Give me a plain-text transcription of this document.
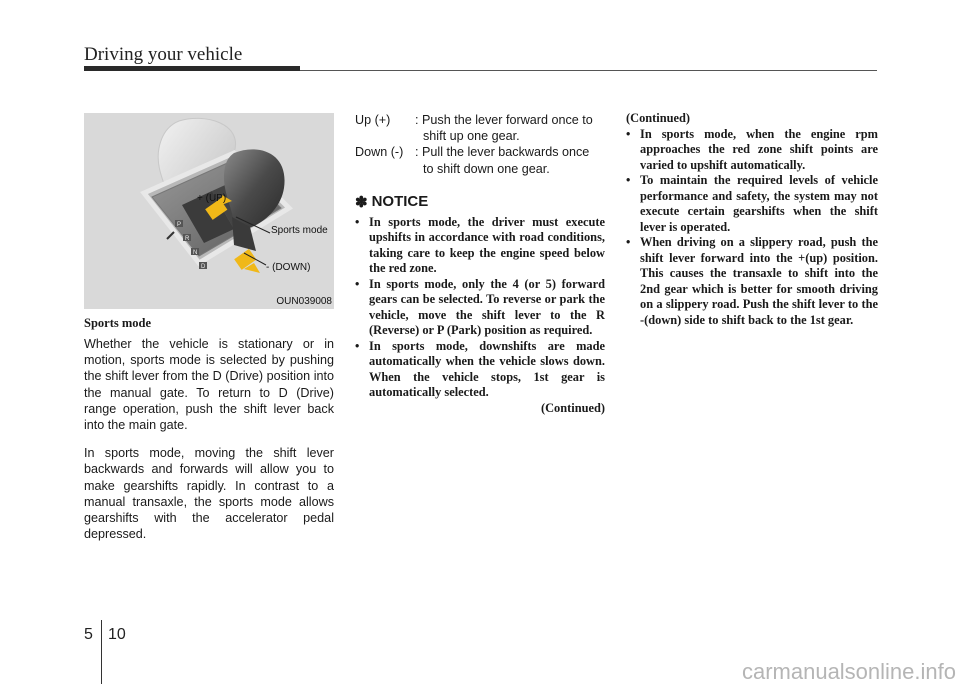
Driving your vehicle
P
R
N
D
+ (UP)
Sports mode
- (DOWN)
OUN039008
Sports mode

Whether the vehicle is stationary or in motion, sports mode is selected by pushing the shift lever from the D (Drive) position into the manual gate. To return to D (Drive) range operation, push the shift lever back into the main gate.

In sports mode, moving the shift lever backwards and forwards will allow you to make gearshifts rapidly. In contrast to a manual transaxle, the sports mode allows gearshifts with the accelerator pedal depressed.

Up (+)	: Push the lever forward once to
shift up one gear.
Down (-) : Pull the lever backwards once
to shift down one gear.
✽ NOTICE
• In sports mode, the driver must execute upshifts in accordance with road conditions, taking care to keep the engine speed below the red zone.
• In sports mode, only the 4 (or 5) forward gears can be selected. To reverse or park the vehicle, move the shift lever to the R (Reverse) or P (Park) position as required.
• In sports mode, downshifts are made automatically when the vehicle slows down. When the vehicle stops, 1st gear is automatically selected.
(Continued)
(Continued)
• In sports mode, when the engine rpm approaches the red zone shift points are varied to upshift automatically.
• To maintain the required levels of vehicle performance and safety, the system may not execute certain gearshifts when the shift lever is operated.
• When driving on a slippery road, push the shift lever forward into the +(up) position. This causes the transaxle to shift into the 2nd gear which is better for smooth driving on a slippery road. Push the shift lever to the -(down) side to shift back to the 1st gear.
5 10
carmanualsonline.info
